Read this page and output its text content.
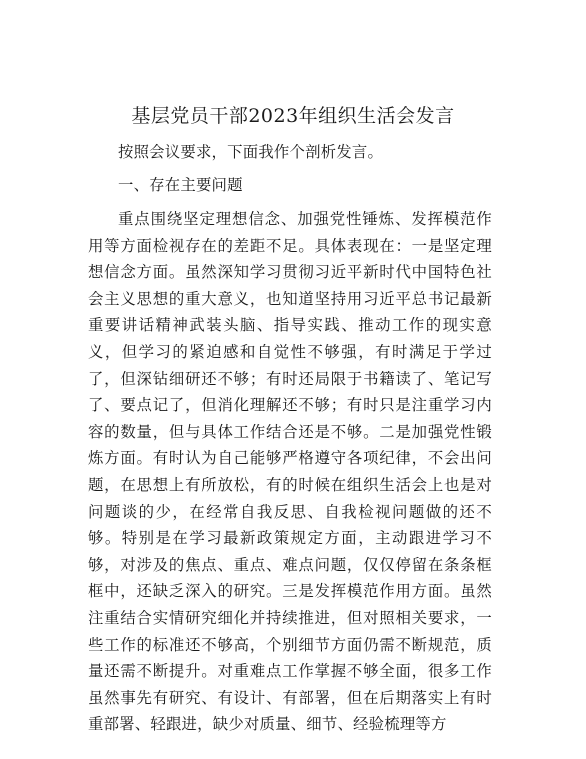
基层党员干部2023年组织生活会发言

按照会议要求，下面我作个剖析发言。

一、存在主要问题

重点围绕坚定理想信念、加强党性锤炼、发挥模范作用等方面检视存在的差距不足。具体表现在：一是坚定理想信念方面。虽然深知学习贯彻习近平新时代中国特色社会主义思想的重大意义，也知道坚持用习近平总书记最新重要讲话精神武装头脑、指导实践、推动工作的现实意义，但学习的紧迫感和自觉性不够强，有时满足于学过了，但深钻细研还不够；有时还局限于书籍读了、笔记写了、要点记了，但消化理解还不够；有时只是注重学习内容的数量，但与具体工作结合还是不够。二是加强党性锻炼方面。有时认为自己能够严格遵守各项纪律，不会出问题，在思想上有所放松，有的时候在组织生活会上也是对问题谈的少，在经常自我反思、自我检视问题做的还不够。特别是在学习最新政策规定方面，主动跟进学习不够，对涉及的焦点、重点、难点问题，仅仅停留在条条框框中，还缺乏深入的研究。三是发挥模范作用方面。虽然注重结合实情研究细化并持续推进，但对照相关要求，一些工作的标准还不够高，个别细节方面仍需不断规范，质量还需不断提升。对重难点工作掌握不够全面，很多工作虽然事先有研究、有设计、有部署，但在后期落实上有时重部署、轻跟进，缺少对质量、细节、经验梳理等方
